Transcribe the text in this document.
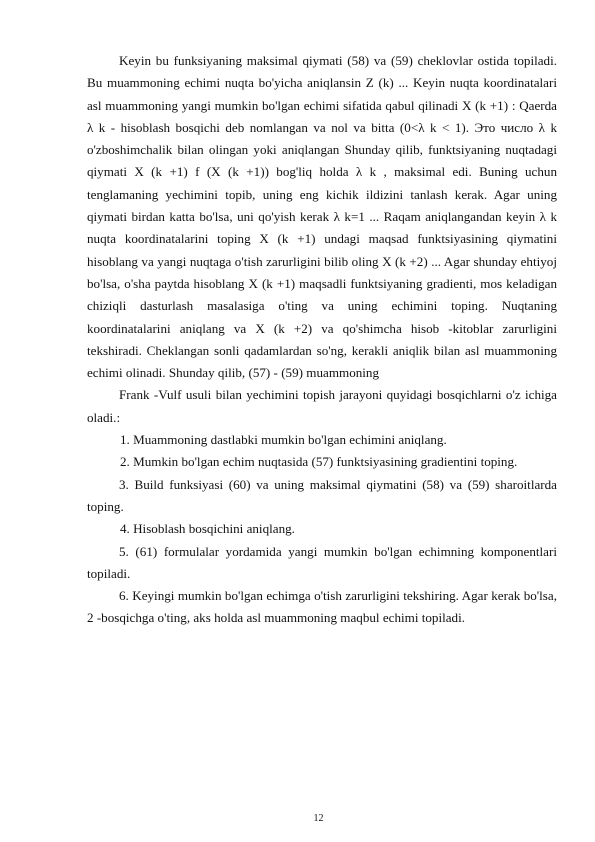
Keyin bu funksiyaning maksimal qiymati (58) va (59) cheklovlar ostida topiladi. Bu muammoning echimi nuqta bo'yicha aniqlansin Z (k) ... Keyin nuqta koordinatalari asl muammoning yangi mumkin bo'lgan echimi sifatida qabul qilinadi X (k +1) : Qaerda λ k - hisoblash bosqichi deb nomlangan va nol va bitta (0<λ k < 1). Это число λ k o'zboshimchalik bilan olingan yoki aniqlangan Shunday qilib, funktsiyaning nuqtadagi qiymati X (k +1) f (X (k +1)) bog'liq holda λ k , maksimal edi. Buning uchun tenglamaning yechimini topib, uning eng kichik ildizini tanlash kerak. Agar uning qiymati birdan katta bo'lsa, uni qo'yish kerak λ k=1 ... Raqam aniqlangandan keyin λ k nuqta koordinatalarini toping X (k +1) undagi maqsad funktsiyasining qiymatini hisoblang va yangi nuqtaga o'tish zarurligini bilib oling X (k +2) ... Agar shunday ehtiyoj bo'lsa, o'sha paytda hisoblang X (k +1) maqsadli funktsiyaning gradienti, mos keladigan chiziqli dasturlash masalasiga o'ting va uning echimini toping. Nuqtaning koordinatalarini aniqlang va X (k +2) va qo'shimcha hisob -kitoblar zarurligini tekshiradi. Cheklangan sonli qadamlardan so'ng, kerakli aniqlik bilan asl muammoning echimi olinadi. Shunday qilib, (57) - (59) muammoning

Frank -Vulf usuli bilan yechimini topish jarayoni quyidagi bosqichlarni o'z ichiga oladi.:

1. Muammoning dastlabki mumkin bo'lgan echimini aniqlang.

2. Mumkin bo'lgan echim nuqtasida (57) funktsiyasining gradientini toping.

3. Build funksiyasi (60) va uning maksimal qiymatini (58) va (59) sharoitlarda toping.

4. Hisoblash bosqichini aniqlang.

5. (61) formulalar yordamida yangi mumkin bo'lgan echimning komponentlari topiladi.

6. Keyingi mumkin bo'lgan echimga o'tish zarurligini tekshiring. Agar kerak bo'lsa, 2 -bosqichga o'ting, aks holda asl muammoning maqbul echimi topiladi.

12
